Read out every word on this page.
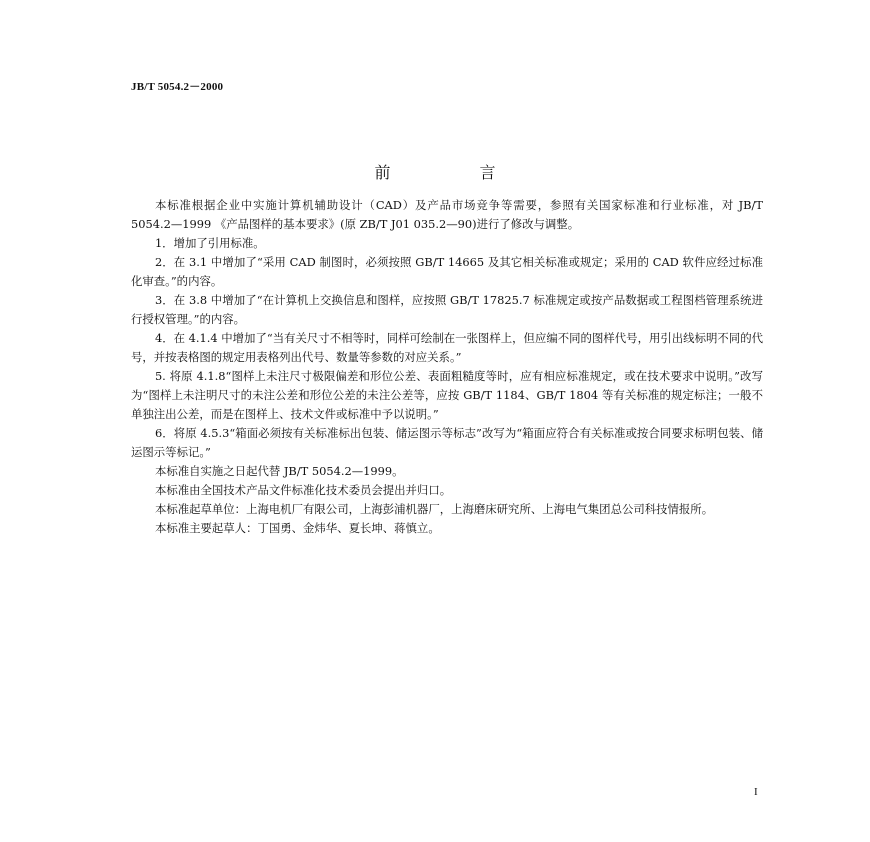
JB/T 5054.2－2000
前 言

本标准根据企业中实施计算机辅助设计（CAD）及产品市场竞争等需要，参照有关国家标准和行业标准，对 JB/T 5054.2—1999 《产品图样的基本要求》(原 ZB/T J01 035.2—90)进行了修改与调整。

1．增加了引用标准。

2．在 3.1 中增加了“采用 CAD 制图时，必须按照 GB/T 14665 及其它相关标准或规定；采用的 CAD 软件应经过标准化审查。”的内容。

3．在 3.8 中增加了“在计算机上交换信息和图样，应按照 GB/T 17825.7 标准规定或按产品数据或工程图档管理系统进行授权管理。”的内容。

4．在 4.1.4 中增加了“当有关尺寸不相等时，同样可绘制在一张图样上，但应编不同的图样代号，用引出线标明不同的代号，并按表格图的规定用表格列出代号、数量等参数的对应关系。”

5. 将原 4.1.8“图样上未注尺寸极限偏差和形位公差、表面粗糙度等时，应有相应标准规定，或在技术要求中说明。”改写为“图样上未注明尺寸的未注公差和形位公差的未注公差等，应按 GB/T 1184、GB/T 1804 等有关标准的规定标注；一般不单独注出公差，而是在图样上、技术文件或标准中予以说明。”

6．将原 4.5.3“箱面必须按有关标准标出包装、储运图示等标志”改写为“箱面应符合有关标准或按合同要求标明包装、储运图示等标记。”

本标准自实施之日起代替 JB/T 5054.2—1999。

本标准由全国技术产品文件标准化技术委员会提出并归口。

本标准起草单位：上海电机厂有限公司，上海彭浦机器厂，上海磨床研究所、上海电气集团总公司科技情报所。

本标准主要起草人：丁国勇、金炜华、夏长坤、蒋慎立。

I
